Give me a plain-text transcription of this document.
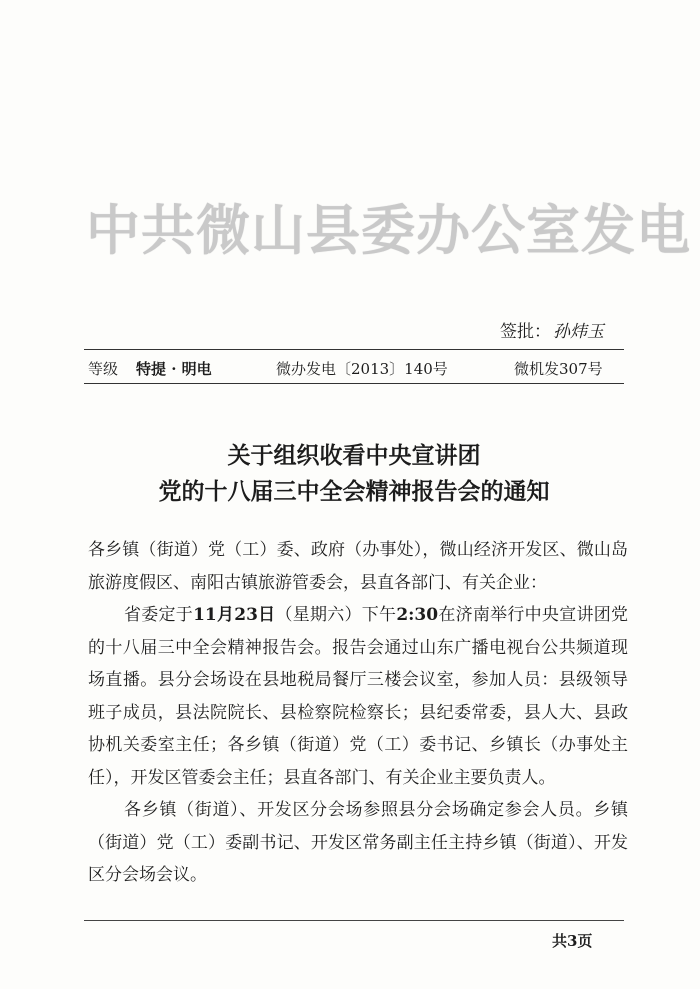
中共微山县委办公室发电
签批： 孙炜玉
等级 特提 · 明电	微办发电〔2013〕140号	微机发307号
关于组织收看中央宣讲团
党的十八届三中全会精神报告会的通知

各乡镇（街道）党（工）委、政府（办事处），微山经济开发区、微山岛旅游度假区、南阳古镇旅游管委会，县直各部门、有关企业：

省委定于11月23日（星期六）下午2:30在济南举行中央宣讲团党的十八届三中全会精神报告会。报告会通过山东广播电视台公共频道现场直播。县分会场设在县地税局餐厅三楼会议室，参加人员：县级领导班子成员，县法院院长、县检察院检察长；县纪委常委，县人大、县政协机关委室主任；各乡镇（街道）党（工）委书记、乡镇长（办事处主任），开发区管委会主任；县直各部门、有关企业主要负责人。

各乡镇（街道）、开发区分会场参照县分会场确定参会人员。乡镇（街道）党（工）委副书记、开发区常务副主任主持乡镇（街道）、开发区分会场会议。

共3页
